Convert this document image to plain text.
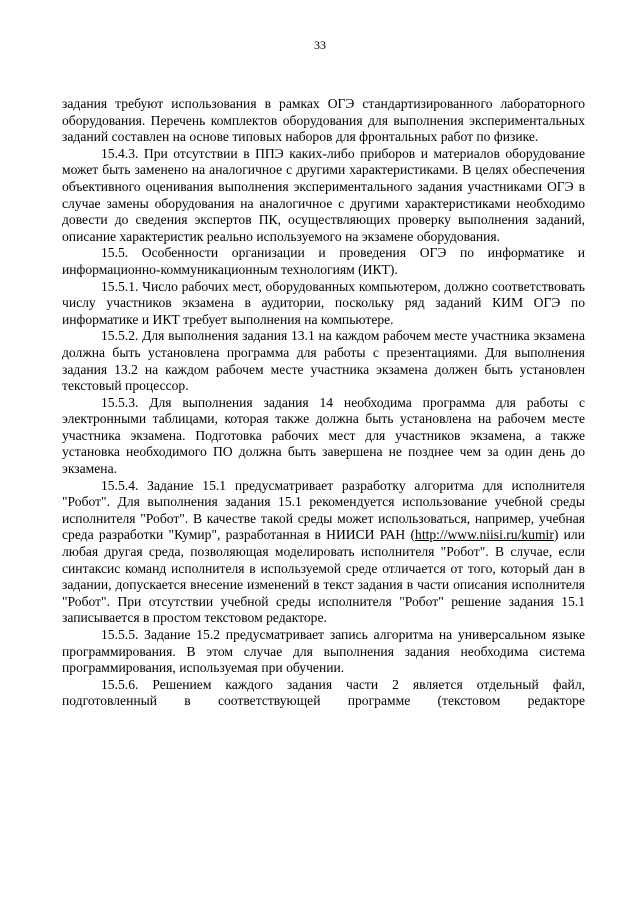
33

задания требуют использования в рамках ОГЭ стандартизированного лабораторного оборудования. Перечень комплектов оборудования для выполнения экспериментальных заданий составлен на основе типовых наборов для фронтальных работ по физике.

15.4.3. При отсутствии в ППЭ каких-либо приборов и материалов оборудование может быть заменено на аналогичное с другими характеристиками. В целях обеспечения объективного оценивания выполнения экспериментального задания участниками ОГЭ в случае замены оборудования на аналогичное с другими характеристиками необходимо довести до сведения экспертов ПК, осуществляющих проверку выполнения заданий, описание характеристик реально используемого на экзамене оборудования.

15.5. Особенности организации и проведения ОГЭ по информатике и информационно-коммуникационным технологиям (ИКТ).

15.5.1. Число рабочих мест, оборудованных компьютером, должно соответствовать числу участников экзамена в аудитории, поскольку ряд заданий КИМ ОГЭ по информатике и ИКТ требует выполнения на компьютере.

15.5.2. Для выполнения задания 13.1 на каждом рабочем месте участника экзамена должна быть установлена программа для работы с презентациями. Для выполнения задания 13.2 на каждом рабочем месте участника экзамена должен быть установлен текстовый процессор.

15.5.3. Для выполнения задания 14 необходима программа для работы с электронными таблицами, которая также должна быть установлена на рабочем месте участника экзамена. Подготовка рабочих мест для участников экзамена, а также установка необходимого ПО должна быть завершена не позднее чем за один день до экзамена.

15.5.4. Задание 15.1 предусматривает разработку алгоритма для исполнителя "Робот". Для выполнения задания 15.1 рекомендуется использование учебной среды исполнителя "Робот". В качестве такой среды может использоваться, например, учебная среда разработки "Кумир", разработанная в НИИСИ РАН (http://www.niisi.ru/kumir) или любая другая среда, позволяющая моделировать исполнителя "Робот". В случае, если синтаксис команд исполнителя в используемой среде отличается от того, который дан в задании, допускается внесение изменений в текст задания в части описания исполнителя "Робот". При отсутствии учебной среды исполнителя "Робот" решение задания 15.1 записывается в простом текстовом редакторе.

15.5.5. Задание 15.2 предусматривает запись алгоритма на универсальном языке программирования. В этом случае для выполнения задания необходима система программирования, используемая при обучении.

15.5.6. Решением каждого задания части 2 является отдельный файл, подготовленный в соответствующей программе (текстовом редакторе
